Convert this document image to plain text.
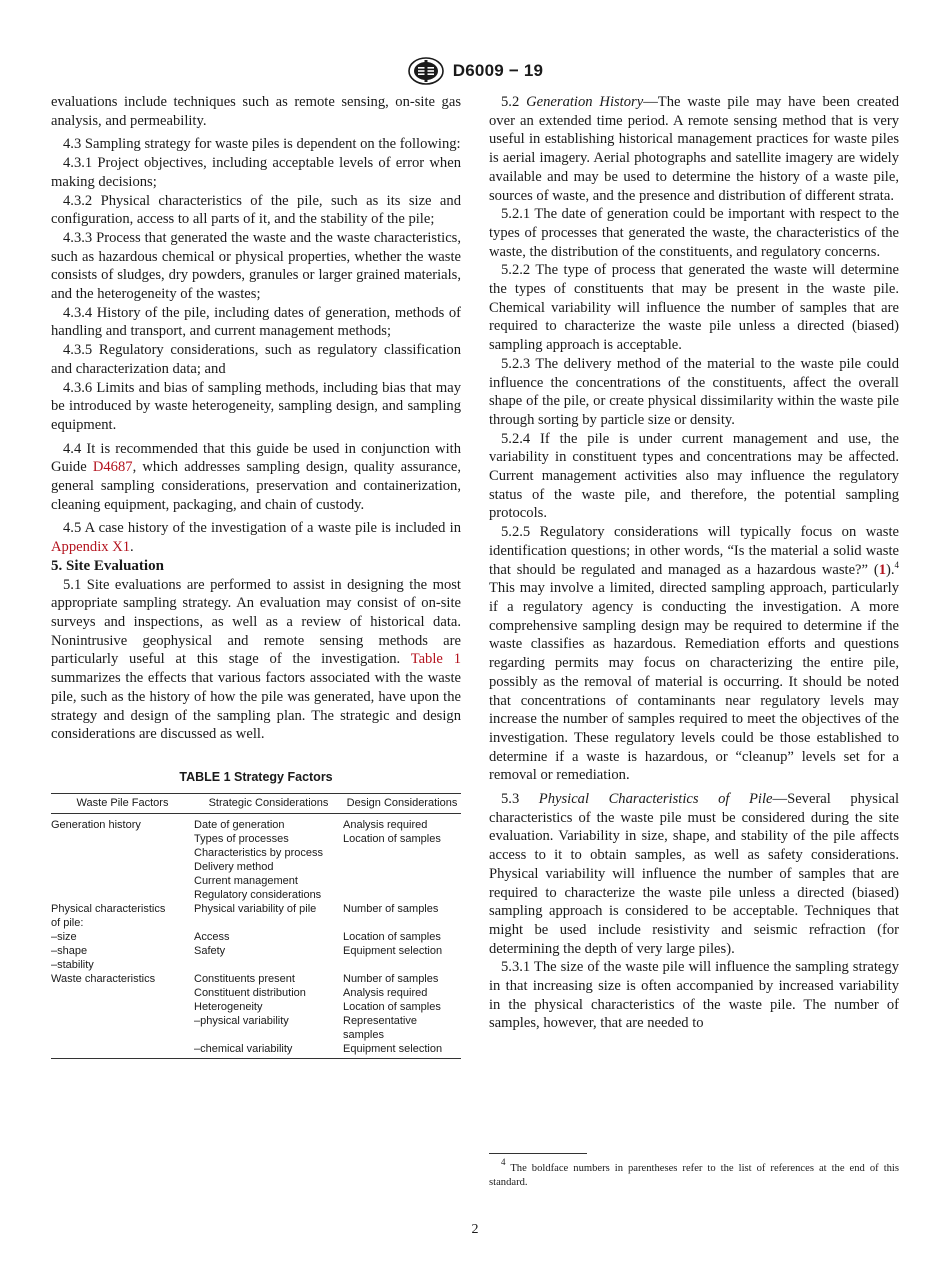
D6009 − 19

evaluations include techniques such as remote sensing, on-site gas analysis, and permeability.

4.3 Sampling strategy for waste piles is dependent on the following:

4.3.1 Project objectives, including acceptable levels of error when making decisions;

4.3.2 Physical characteristics of the pile, such as its size and configuration, access to all parts of it, and the stability of the pile;

4.3.3 Process that generated the waste and the waste characteristics, such as hazardous chemical or physical properties, whether the waste consists of sludges, dry powders, granules or larger grained materials, and the heterogeneity of the wastes;

4.3.4 History of the pile, including dates of generation, methods of handling and transport, and current management methods;

4.3.5 Regulatory considerations, such as regulatory classification and characterization data; and

4.3.6 Limits and bias of sampling methods, including bias that may be introduced by waste heterogeneity, sampling design, and sampling equipment.

4.4 It is recommended that this guide be used in conjunction with Guide D4687, which addresses sampling design, quality assurance, general sampling considerations, preservation and containerization, cleaning equipment, packaging, and chain of custody.

4.5 A case history of the investigation of a waste pile is included in Appendix X1.

5. Site Evaluation

5.1 Site evaluations are performed to assist in designing the most appropriate sampling strategy. An evaluation may consist of on-site surveys and inspections, as well as a review of historical data. Nonintrusive geophysical and remote sensing methods are particularly useful at this stage of the investigation. Table 1 summarizes the effects that various factors associated with the waste pile, such as the history of how the pile was generated, have upon the strategy and design of the sampling plan. The strategic and design considerations are discussed as well.

TABLE 1 Strategy Factors
Waste Pile Factors	Strategic Considerations	Design Considerations
Generation history	Date of generation	Analysis required
	Types of processes	Location of samples
	Characteristics by process	
	Delivery method	
	Current management	
	Regulatory considerations	
Physical characteristics	Physical variability of pile	Number of samples
of pile:		
–size	Access	Location of samples
–shape	Safety	Equipment selection
–stability		
Waste characteristics	Constituents present	Number of samples
	Constituent distribution	Analysis required
	Heterogeneity	Location of samples
	–physical variability	Representative
		samples
	–chemical variability	Equipment selection

5.2 Generation History—The waste pile may have been created over an extended time period. A remote sensing method that is very useful in establishing historical management practices for waste piles is aerial imagery. Aerial photographs and satellite imagery are widely available and may be used to determine the history of a waste pile, sources of waste, and the presence and distribution of different strata.

5.2.1 The date of generation could be important with respect to the types of processes that generated the waste, the characteristics of the waste, the distribution of the constituents, and regulatory concerns.

5.2.2 The type of process that generated the waste will determine the types of constituents that may be present in the waste pile. Chemical variability will influence the number of samples that are required to characterize the waste pile unless a directed (biased) sampling approach is acceptable.

5.2.3 The delivery method of the material to the waste pile could influence the concentrations of the constituents, affect the overall shape of the pile, or create physical dissimilarity within the waste pile through sorting by particle size or density.

5.2.4 If the pile is under current management and use, the variability in constituent types and concentrations may be affected. Current management activities also may influence the regulatory status of the waste pile, and therefore, the potential sampling protocols.

5.2.5 Regulatory considerations will typically focus on waste identification questions; in other words, “Is the material a solid waste that should be regulated and managed as a hazardous waste?” (1).$^4$ This may involve a limited, directed sampling approach, particularly if a regulatory agency is conducting the investigation. A more comprehensive sampling design may be required to determine if the waste classifies as hazardous. Remediation efforts and questions regarding permits may focus on characterizing the entire pile, possibly as the removal of material is occurring. It should be noted that concentrations of contaminants near regulatory levels may increase the number of samples required to meet the objectives of the investigation. These regulatory levels could be those established to determine if a waste is hazardous, or “cleanup” levels set for a removal or remediation.

5.3 Physical Characteristics of Pile—Several physical characteristics of the waste pile must be considered during the site evaluation. Variability in size, shape, and stability of the pile affects access to it to obtain samples, as well as safety considerations. Physical variability will influence the number of samples that are required to characterize the waste pile unless a directed (biased) sampling approach is considered to be acceptable. Techniques that might be used include resistivity and seismic refraction (for determining the depth of very large piles).

5.3.1 The size of the waste pile will influence the sampling strategy in that increasing size is often accompanied by increased variability in the physical characteristics of the waste pile. The number of samples, however, that are needed to

$^4$ The boldface numbers in parentheses refer to the list of references at the end of this standard.
2
